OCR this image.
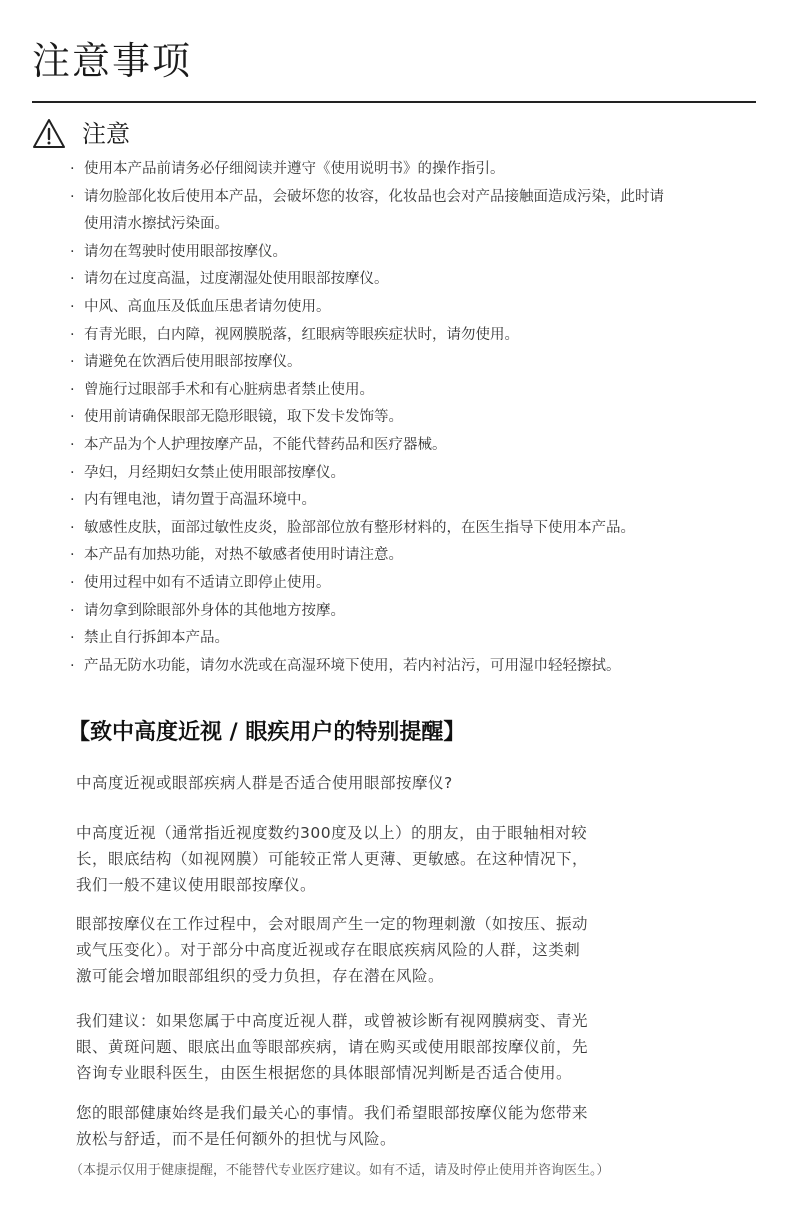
注意事项
注意
· 使用本产品前请务必仔细阅读并遵守《使用说明书》的操作指引。
· 请勿脸部化妆后使用本产品，会破坏您的妆容，化妆品也会对产品接触面造成污染，此时请
使用清水擦拭污染面。
· 请勿在驾驶时使用眼部按摩仪。
· 请勿在过度高温，过度潮湿处使用眼部按摩仪。
· 中风、高血压及低血压患者请勿使用。
· 有青光眼，白内障，视网膜脱落，红眼病等眼疾症状时，请勿使用。
· 请避免在饮酒后使用眼部按摩仪。
· 曾施行过眼部手术和有心脏病患者禁止使用。
· 使用前请确保眼部无隐形眼镜，取下发卡发饰等。
· 本产品为个人护理按摩产品，不能代替药品和医疗器械。
· 孕妇，月经期妇女禁止使用眼部按摩仪。
· 内有锂电池，请勿置于高温环境中。
· 敏感性皮肤，面部过敏性皮炎，脸部部位放有整形材料的，在医生指导下使用本产品。
· 本产品有加热功能，对热不敏感者使用时请注意。
· 使用过程中如有不适请立即停止使用。
· 请勿拿到除眼部外身体的其他地方按摩。
· 禁止自行拆卸本产品。
· 产品无防水功能，请勿水洗或在高湿环境下使用，若内衬沾污，可用湿巾轻轻擦拭。
【致中高度近视 / 眼疾用户的特别提醒】

中高度近视或眼部疾病人群是否适合使用眼部按摩仪?

中高度近视（通常指近视度数约300度及以上）的朋友，由于眼轴相对较
长，眼底结构（如视网膜）可能较正常人更薄、更敏感。在这种情况下，
我们一般不建议使用眼部按摩仪。

眼部按摩仪在工作过程中，会对眼周产生一定的物理刺激（如按压、振动
或气压变化）。对于部分中高度近视或存在眼底疾病风险的人群，这类刺
激可能会增加眼部组织的受力负担，存在潜在风险。

我们建议：如果您属于中高度近视人群，或曾被诊断有视网膜病变、青光
眼、黄斑问题、眼底出血等眼部疾病，请在购买或使用眼部按摩仪前，先
咨询专业眼科医生，由医生根据您的具体眼部情况判断是否适合使用。

您的眼部健康始终是我们最关心的事情。我们希望眼部按摩仪能为您带来
放松与舒适，而不是任何额外的担忧与风险。

（本提示仅用于健康提醒，不能替代专业医疗建议。如有不适，请及时停止使用并咨询医生。）
